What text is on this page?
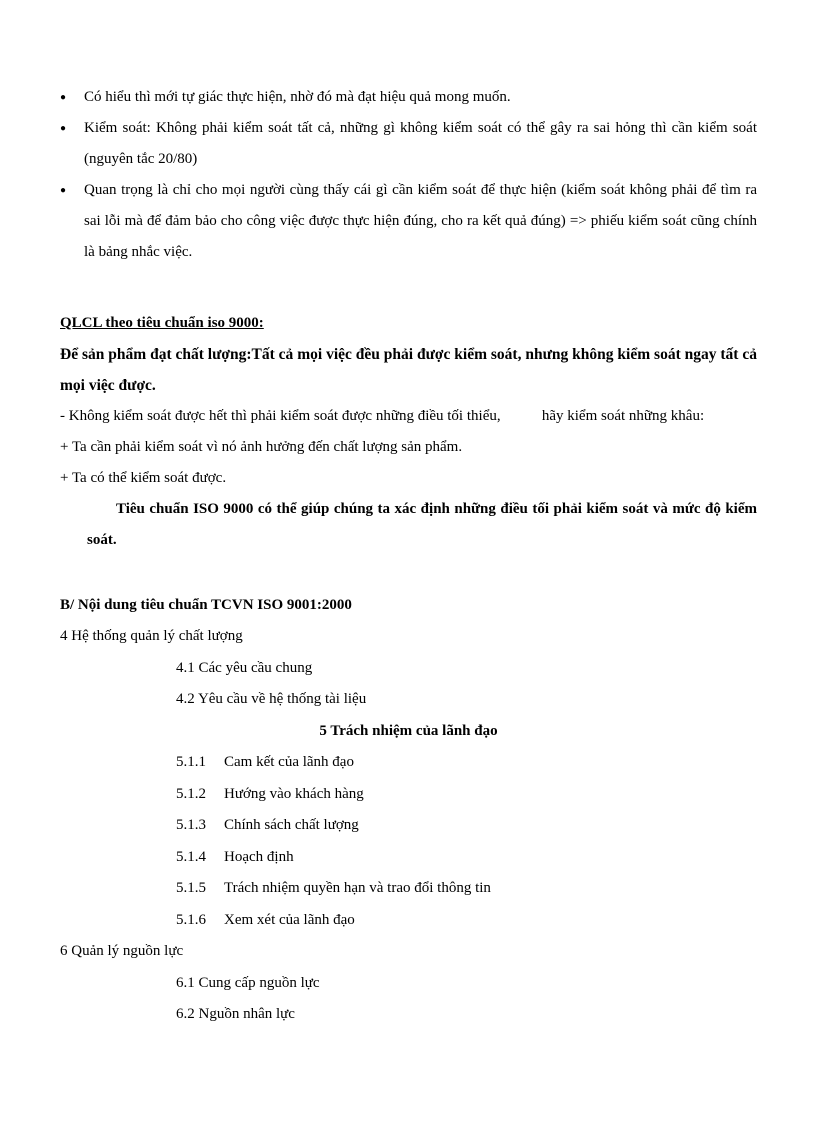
● Có hiểu thì mới tự giác thực hiện, nhờ đó mà đạt hiệu quả mong muốn.
● Kiểm soát: Không phải kiểm soát tất cả, những gì không kiểm soát có thể gây ra sai hỏng thì cần kiểm soát (nguyên tắc 20/80)
● Quan trọng là chỉ cho mọi người cùng thấy cái gì cần kiểm soát để thực hiện (kiểm soát không phải để tìm ra sai lỗi mà để đảm bảo cho công việc được thực hiện đúng, cho ra kết quả đúng) => phiếu kiểm soát cũng chính là bảng nhắc việc.
QLCL theo tiêu chuẩn iso 9000:
Để sản phẩm đạt chất lượng:Tất cả mọi việc đều phải được kiểm soát, nhưng không kiểm soát ngay tất cả mọi việc được.
- Không kiểm soát được hết thì phải kiểm soát được những điều tối thiểu,           hãy kiểm soát những khâu:
+ Ta cần phải kiểm soát vì nó ảnh hưởng đến chất lượng sản phẩm.
+ Ta có thể kiểm soát được.
Tiêu chuẩn ISO 9000 có thể giúp chúng ta xác định những điều tối phải kiểm soát và mức độ kiểm soát.
B/ Nội dung tiêu chuẩn TCVN ISO 9001:2000
4 Hệ thống quản lý chất lượng
4.1 Các yêu cầu chung
4.2 Yêu cầu về hệ thống tài liệu
5 Trách nhiệm của lãnh đạo
5.1.1 Cam kết của lãnh đạo
5.1.2 Hướng vào khách hàng
5.1.3 Chính sách chất lượng
5.1.4 Hoạch định
5.1.5 Trách nhiệm quyền hạn và trao đổi thông tin
5.1.6 Xem xét của lãnh đạo
6 Quản lý nguồn lực
6.1 Cung cấp nguồn lực
6.2 Nguồn nhân lực
